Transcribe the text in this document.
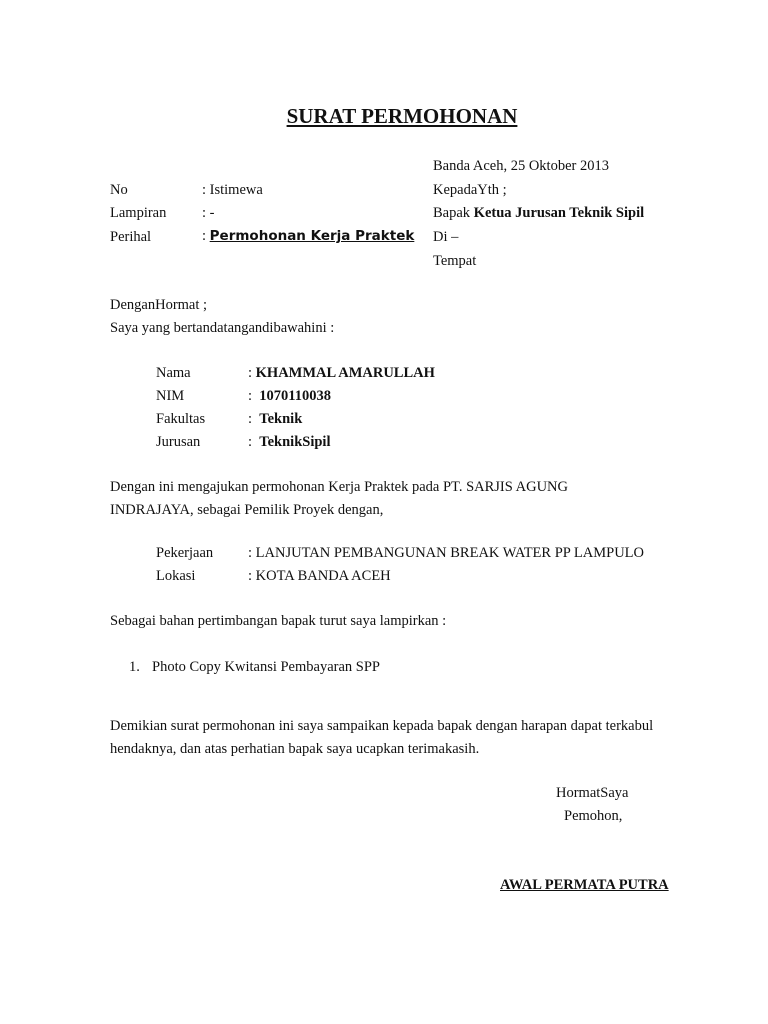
SURAT PERMOHONAN
Banda Aceh, 25 Oktober 2013
No	: Istimewa
Lampiran : -
Perihal	: Permohonan Kerja Praktek
KepadaYth ;
Bapak Ketua Jurusan Teknik Sipil
Di –
Tempat
DenganHormat ;
Saya yang bertandatangandibawahini :
Nama	: KHAMMAL AMARULLAH
NIM	: 1070110038
Fakultas	: Teknik
Jurusan	: TeknikSipil
Dengan ini mengajukan permohonan Kerja Praktek pada PT. SARJIS AGUNG
INDRAJAYA, sebagai Pemilik Proyek dengan,
Pekerjaan : LANJUTAN PEMBANGUNAN BREAK WATER PP LAMPULO
Lokasi	: KOTA BANDA ACEH
Sebagai bahan pertimbangan bapak turut saya lampirkan :
1. Photo Copy Kwitansi Pembayaran SPP
Demikian surat permohonan ini saya sampaikan kepada bapak dengan harapan dapat terkabul
hendaknya, dan atas perhatian bapak saya ucapkan terimakasih.
HormatSaya
Pemohon,
AWAL PERMATA PUTRA
